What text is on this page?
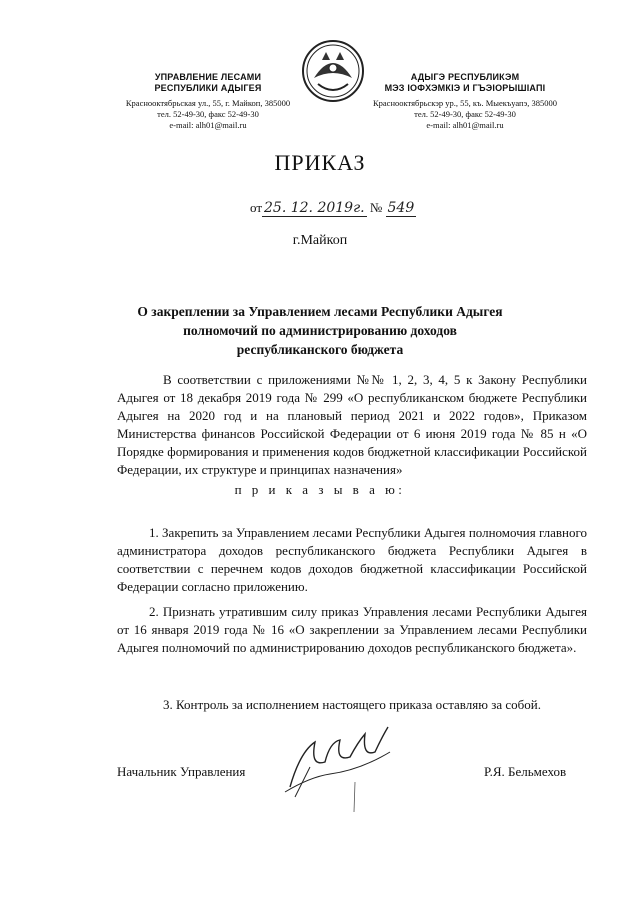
УПРАВЛЕНИЕ ЛЕСАМИ
РЕСПУБЛИКИ АДЫГЕЯ
Краснооктябрьская ул., 55, г. Майкоп, 385000
тел. 52-49-30, факс 52-49-30
e-mail: alh01@mail.ru
АДЫГЭ РЕСПУБЛИКЭМ
МЭЗ ІОФХЭМКІЭ И ГЪЭІОРЫШІАПІ
Краснооктябрьскэр ур., 55, къ. Мыекъуапэ, 385000
тел. 52-49-30, факс 52-49-30
e-mail: alh01@mail.ru
ПРИКАЗ
от 25. 12. 2019г. № 549
г.Майкоп
О закреплении за Управлением лесами Республики Адыгея
полномочий по администрированию доходов
республиканского бюджета
В соответствии с приложениями №№ 1, 2, 3, 4, 5 к Закону Республики Адыгея от 18 декабря 2019 года № 299 «О республиканском бюджете Республики Адыгея на 2020 год и на плановый период 2021 и 2022 годов», Приказом Министерства финансов Российской Федерации от 6 июня 2019 года № 85 н «О Порядке формирования и применения кодов бюджетной классификации Российской Федерации, их структуре и принципах назначения»
п р и к а з ы в а ю:
1. Закрепить за Управлением лесами Республики Адыгея полномочия главного администратора доходов республиканского бюджета Республики Адыгея в соответствии с перечнем кодов доходов бюджетной классификации Российской Федерации согласно приложению.
2. Признать утратившим силу приказ Управления лесами Республики Адыгея от 16 января 2019 года № 16 «О закреплении за Управлением лесами Республики Адыгея полномочий по администрированию доходов республиканского бюджета».
3. Контроль за исполнением настоящего приказа оставляю за собой.
Начальник Управления	Р.Я. Бельмехов
